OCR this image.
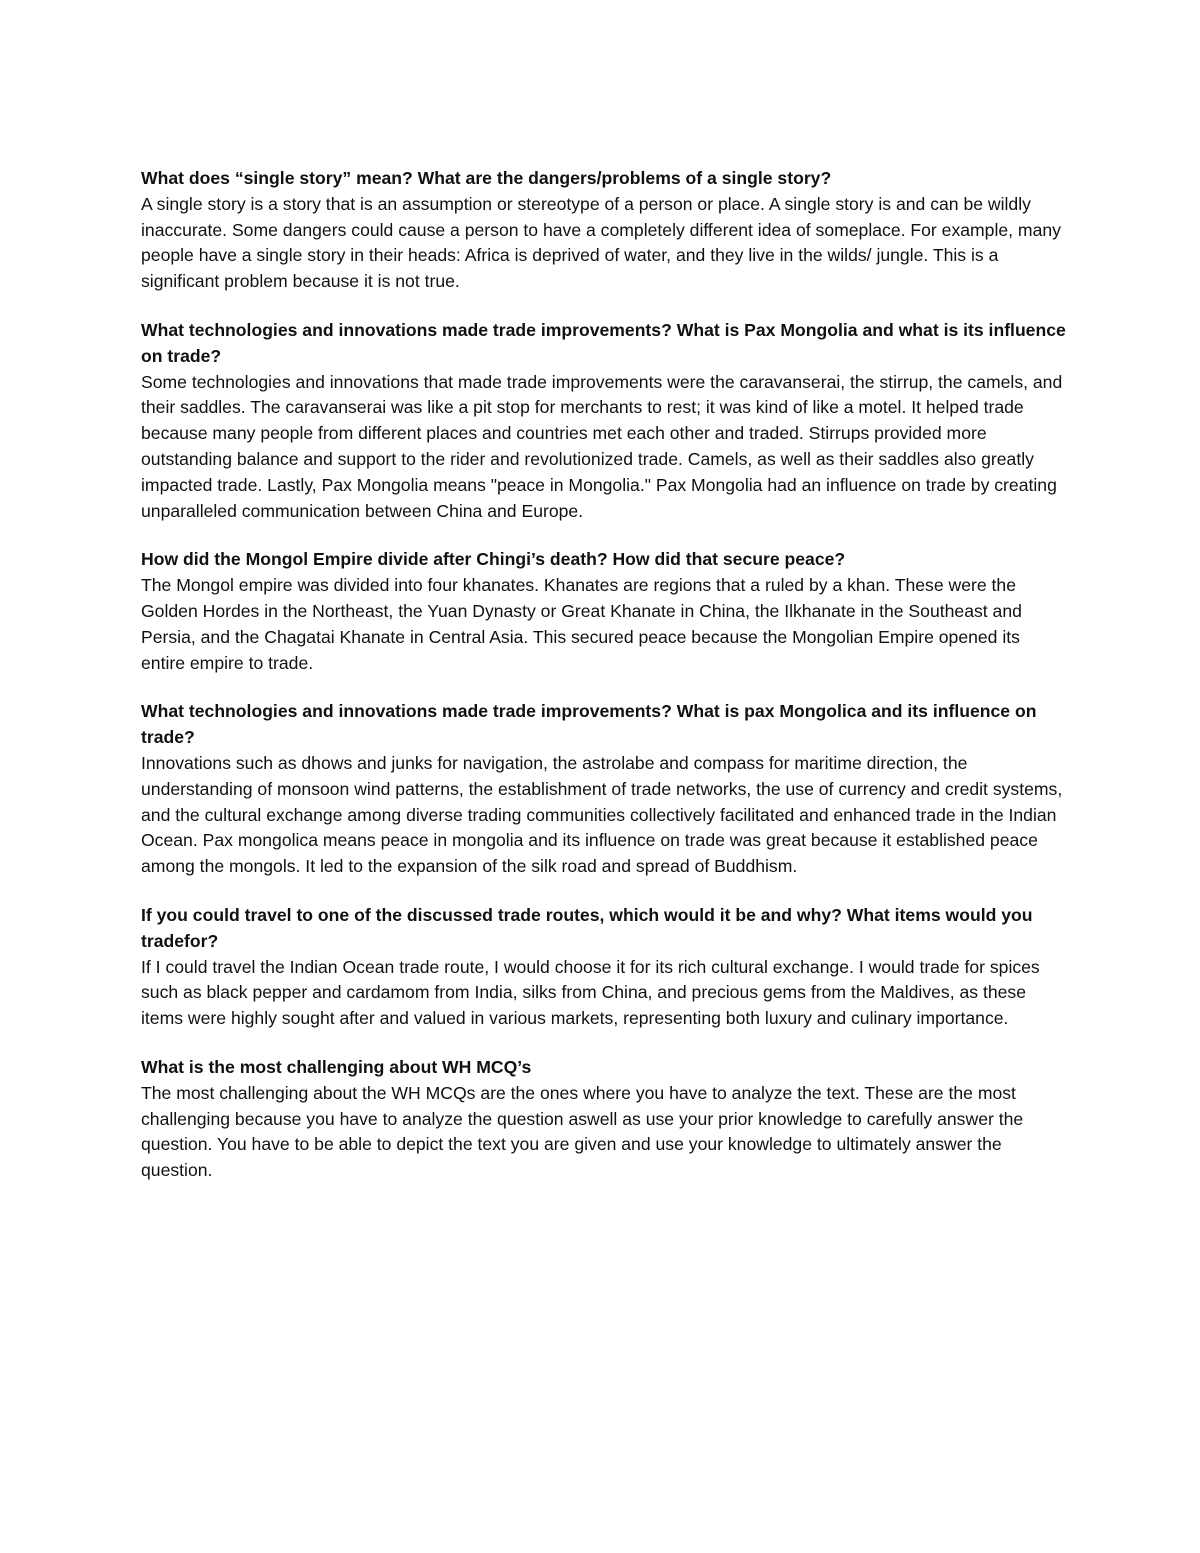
What does “single story” mean? What are the dangers/problems of a single story?

A single story is a story that is an assumption or stereotype of a person or place. A single story is and can be wildly inaccurate. Some dangers could cause a person to have a completely different idea of someplace. For example, many people have a single story in their heads: Africa is deprived of water, and they live in the wilds/ jungle. This is a significant problem because it is not true.

What technologies and innovations made trade improvements? What is Pax Mongolia and what is its influence on trade?

Some technologies and innovations that made trade improvements were the caravanserai, the stirrup, the camels, and their saddles. The caravanserai was like a pit stop for merchants to rest; it was kind of like a motel. It helped trade because many people from different places and countries met each other and traded. Stirrups provided more outstanding balance and support to the rider and revolutionized trade. Camels, as well as their saddles also greatly impacted trade. Lastly, Pax Mongolia means "peace in Mongolia." Pax Mongolia had an influence on trade by creating unparalleled communication between China and Europe.

How did the Mongol Empire divide after Chingi’s death? How did that secure peace?

The Mongol empire was divided into four khanates. Khanates are regions that a ruled by a khan. These were the Golden Hordes in the Northeast, the Yuan Dynasty or Great Khanate in China, the Ilkhanate in the Southeast and Persia, and the Chagatai Khanate in Central Asia. This secured peace because the Mongolian Empire opened its entire empire to trade.

What technologies and innovations made trade improvements? What is pax Mongolica and its influence on trade?

Innovations such as dhows and junks for navigation, the astrolabe and compass for maritime direction, the understanding of monsoon wind patterns, the establishment of trade networks, the use of currency and credit systems, and the cultural exchange among diverse trading communities collectively facilitated and enhanced trade in the Indian Ocean. Pax mongolica means peace in mongolia and its influence on trade was great because it established peace among the mongols. It led to the expansion of the silk road and spread of Buddhism.

If you could travel to one of the discussed trade routes, which would it be and why? What items would you tradefor?

If I could travel the Indian Ocean trade route, I would choose it for its rich cultural exchange. I would trade for spices such as black pepper and cardamom from India, silks from China, and precious gems from the Maldives, as these items were highly sought after and valued in various markets, representing both luxury and culinary importance.

What is the most challenging about WH MCQ’s

The most challenging about the WH MCQs are the ones where you have to analyze the text. These are the most challenging because you have to analyze the question aswell as use your prior knowledge to carefully answer the question. You have to be able to depict the text you are given and use your knowledge to ultimately answer the question.
